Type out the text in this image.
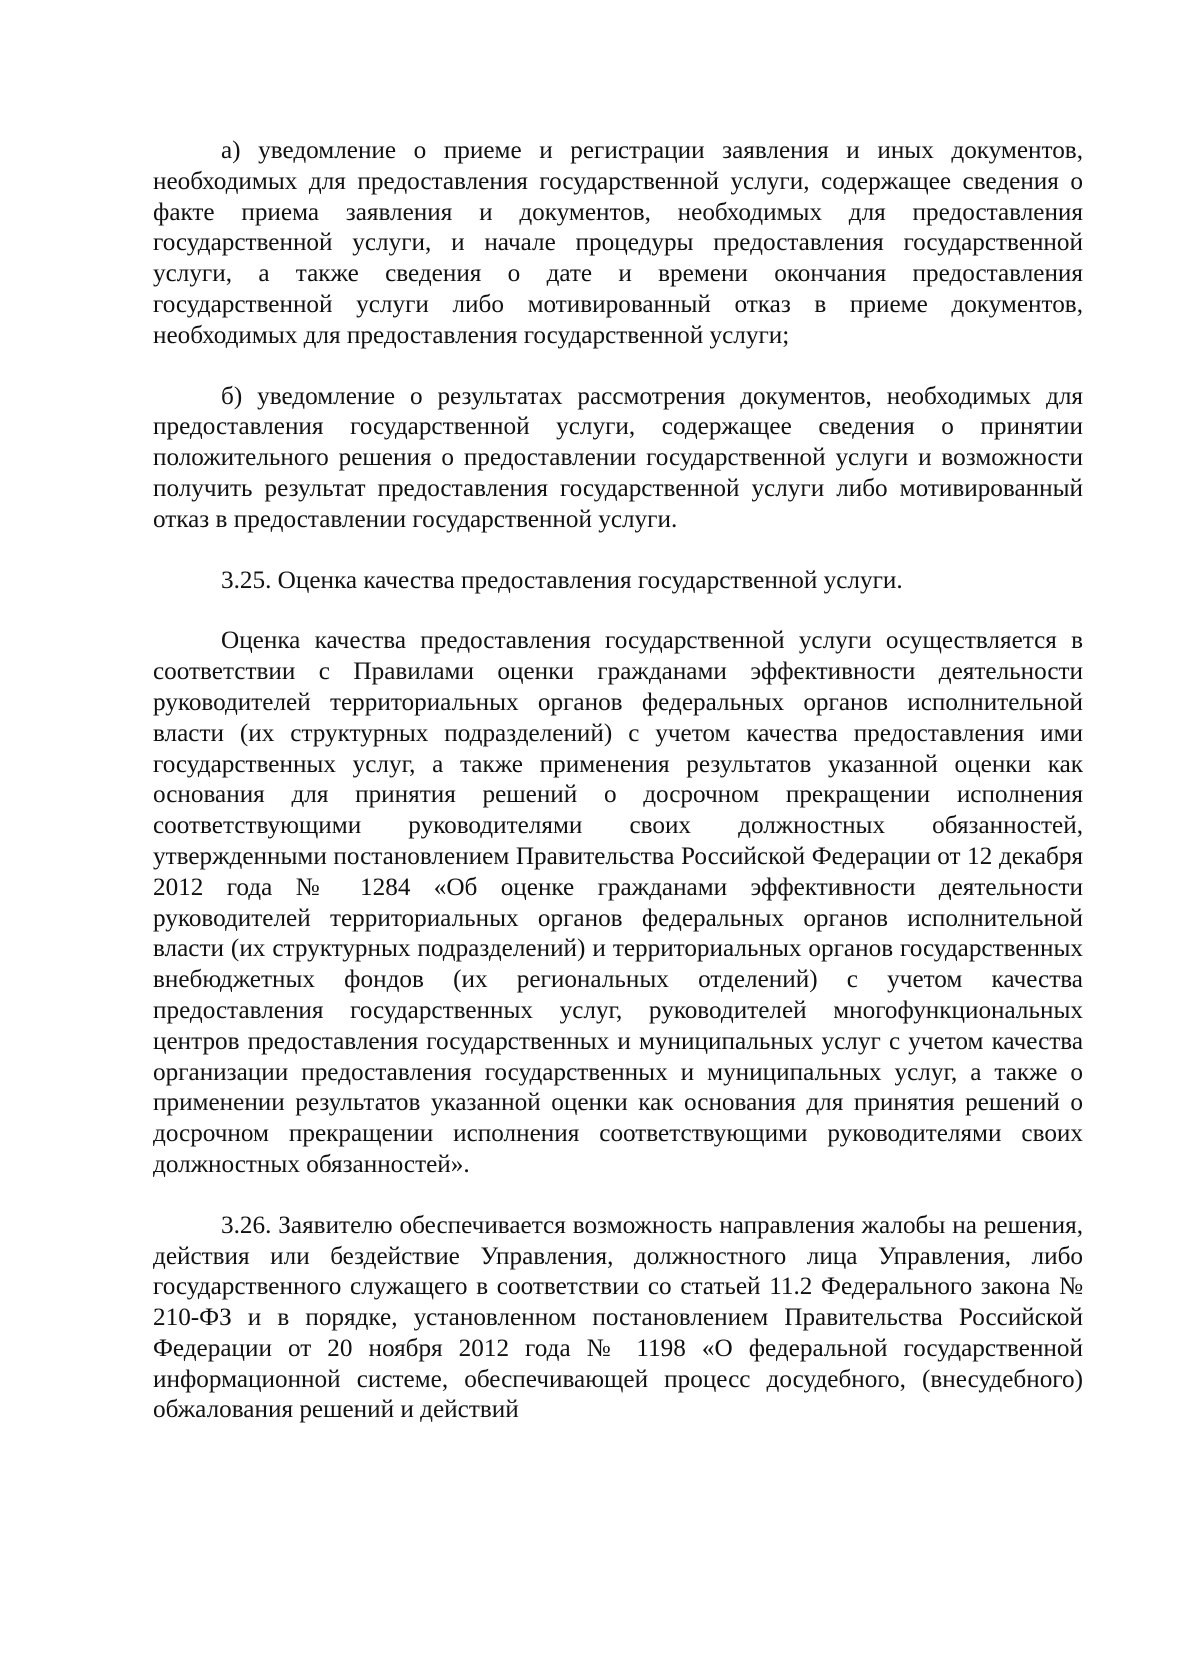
а) уведомление о приеме и регистрации заявления и иных документов, необходимых для предоставления государственной услуги, содержащее сведения о факте приема заявления и документов, необходимых для предоставления государственной услуги, и начале процедуры предоставления государственной услуги, а также сведения о дате и времени окончания предоставления государственной услуги либо мотивированный отказ в приеме документов, необходимых для предоставления государственной услуги;

б) уведомление о результатах рассмотрения документов, необходимых для предоставления государственной услуги, содержащее сведения о принятии положительного решения о предоставлении государственной услуги и возможности получить результат предоставления государственной услуги либо мотивированный отказ в предоставлении государственной услуги.

3.25. Оценка качества предоставления государственной услуги.

Оценка качества предоставления государственной услуги осуществляется в соответствии с Правилами оценки гражданами эффективности деятельности руководителей территориальных органов федеральных органов исполнительной власти (их структурных подразделений) с учетом качества предоставления ими государственных услуг, а также применения результатов указанной оценки как основания для принятия решений о досрочном прекращении исполнения соответствующими руководителями своих должностных обязанностей, утвержденными постановлением Правительства Российской Федерации от 12 декабря 2012 года № 1284 «Об оценке гражданами эффективности деятельности руководителей территориальных органов федеральных органов исполнительной власти (их структурных подразделений) и территориальных органов государственных внебюджетных фондов (их региональных отделений) с учетом качества предоставления государственных услуг, руководителей многофункциональных центров предоставления государственных и муниципальных услуг с учетом качества организации предоставления государственных и муниципальных услуг, а также о применении результатов указанной оценки как основания для принятия решений о досрочном прекращении исполнения соответствующими руководителями своих должностных обязанностей».

3.26. Заявителю обеспечивается возможность направления жалобы на решения, действия или бездействие Управления, должностного лица Управления, либо государственного служащего в соответствии со статьей 11.2 Федерального закона № 210-ФЗ и в порядке, установленном постановлением Правительства Российской Федерации от 20 ноября 2012 года № 1198 «О федеральной государственной информационной системе, обеспечивающей процесс досудебного, (внесудебного) обжалования решений и действий
